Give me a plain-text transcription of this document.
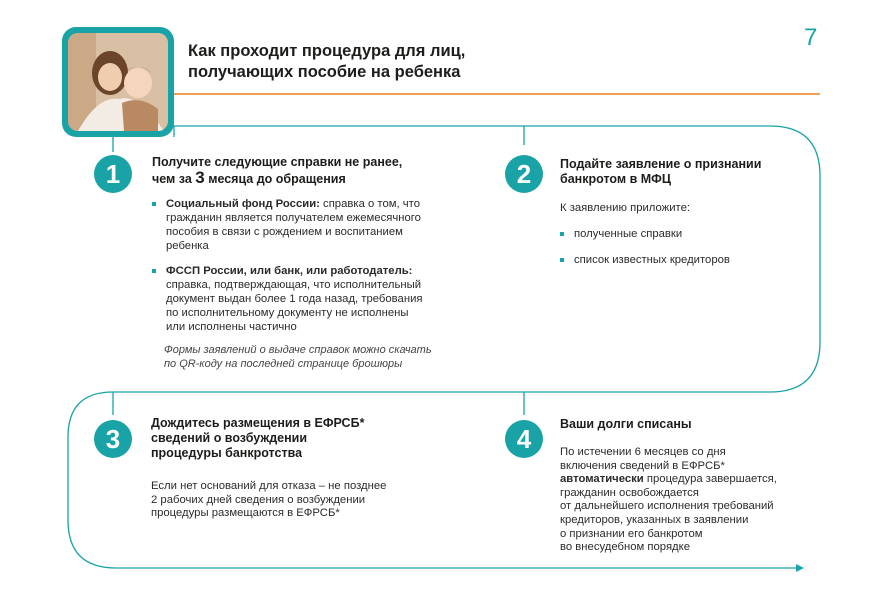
7
Как проходит процедура для лиц,
получающих пособие на ребенка
1	Получите следующие справки не ранее,
чем за 3 месяца до обращения
Социальный фонд России: справка о том, что
гражданин является получателем ежемесячного
пособия в связи с рождением и воспитанием
ребенка
ФССП России, или банк, или работодатель:
справка, подтверждающая, что исполнительный
документ выдан более 1 года назад, требования
по исполнительному документу не исполнены
или исполнены частично
Формы заявлений о выдаче справок можно скачать
по QR-коду на последней странице брошюры
2	Подайте заявление о признании
банкротом в МФЦ
К заявлению приложите:
полученные справки
список известных кредиторов
3
Дождитесь размещения в ЕФРСБ*
сведений о возбуждении
процедуры банкротства
Если нет оснований для отказа – не позднее
2 рабочих дней сведения о возбуждении
процедуры размещаются в ЕФРСБ*
4	Ваши долги списаны
По истечении 6 месяцев со дня
включения сведений в ЕФРСБ*
автоматически процедура завершается,
гражданин освобождается
от дальнейшего исполнения требований
кредиторов, указанных в заявлении
о признании его банкротом
во внесудебном порядке
